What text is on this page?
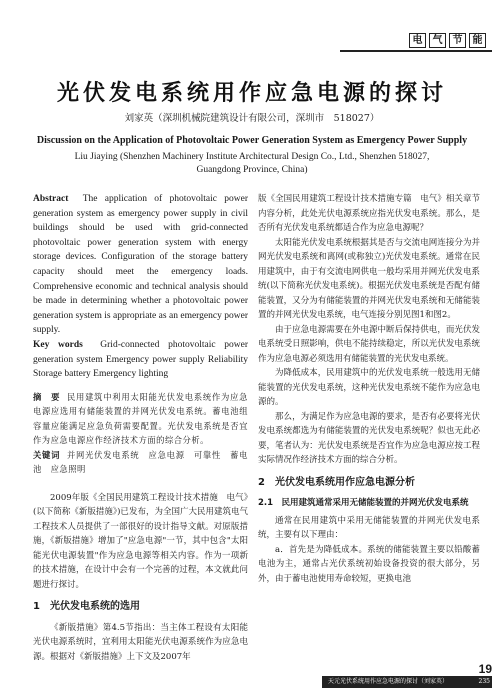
电	气	节	能
光伏发电系统用作应急电源的探讨
刘家英（深圳机械院建筑设计有限公司，深圳市　518027）
Discussion on the Application of Photovoltaic Power Generation System as Emergency Power Supply
Liu Jiaying (Shenzhen Machinery Institute Architectural Design Co., Ltd., Shenzhen 518027,
Guangdong Province, China)
Abstract The application of photovoltaic power generation system as emergency power supply in civil buildings should be used with grid-connected photovoltaic power generation system with energy storage devices. Configuration of the storage battery capacity should meet the emergency loads. Comprehensive economic and technical analysis should be made in determining whether a photovoltaic power generation system is appropriate as an emergency power supply.
Key words Grid-connected photovoltaic power generation system Emergency power supply Reliability Storage battery Emergency lighting
摘　要 民用建筑中利用太阳能光伏发电系统作为应急电源应选用有储能装置的并网光伏发电系统。蓄电池组容量应能满足应急负荷需要配置。光伏发电系统是否宜作为应急电源应作经济技术方面的综合分析。
关键词 并网光伏发电系统　应急电源　可靠性　蓄电池　应急照明

2009年版《全国民用建筑工程设计技术措施　电气》(以下简称《新版措施》)已发布，为全国广大民用建筑电气工程技术人员提供了一部很好的设计指导文献。对原版措施，《新版措施》增加了"应急电源"一节，其中包含"太阳能光伏电源装置"作为应急电源等相关内容。作为一项新的技术措施，在设计中会有一个完善的过程，本文就此问题进行探讨。

1　光伏发电系统的选用

《新版措施》第4.5节指出：当主体工程设有太阳能光伏电源系统时，宜利用太阳能光伏电源系统作为应急电源。根据对《新版措施》上下文及2007年

版《全国民用建筑工程设计技术措施专篇　电气》相关章节内容分析，此处光伏电源系统应指光伏发电系统。那么，是否所有光伏发电系统都适合作为应急电源呢？

太阳能光伏发电系统根据其是否与交流电网连接分为并网光伏发电系统和离网(或称独立)光伏发电系统。通常在民用建筑中，由于有交流电网供电一般均采用并网光伏发电系统(以下简称光伏发电系统)。根据光伏发电系统是否配有储能装置，又分为有储能装置的并网光伏发电系统和无储能装置的并网光伏发电系统，电气连接分别见图1和图2。

由于应急电源需要在外电源中断后保持供电，而光伏发电系统受日照影响，供电不能持续稳定，所以光伏发电系统作为应急电源必须选用有储能装置的光伏发电系统。

为降低成本，民用建筑中的光伏发电系统一般选用无储能装置的光伏发电系统，这种光伏发电系统不能作为应急电源的。

那么，为满足作为应急电源的要求，是否有必要将光伏发电系统都选为有储能装置的光伏发电系统呢？似也无此必要，笔者认为：光伏发电系统是否宜作为应急电源应按工程实际情况作经济技术方面的综合分析。

2　光伏发电系统用作应急电源分析
2.1　民用建筑通常采用无储能装置的并网光伏发电系统

通常在民用建筑中采用无储能装置的并网光伏发电系统，主要有以下理由：

a．首先是为降低成本。系统的储能装置主要以铅酸蓄电池为主，通常占光伏系统初始设备投资的很大部分，另外，由于蓄电池使用寿命较短，更换电池

19
天元光伏系统用作应急电源的探讨（刘家英）	235
